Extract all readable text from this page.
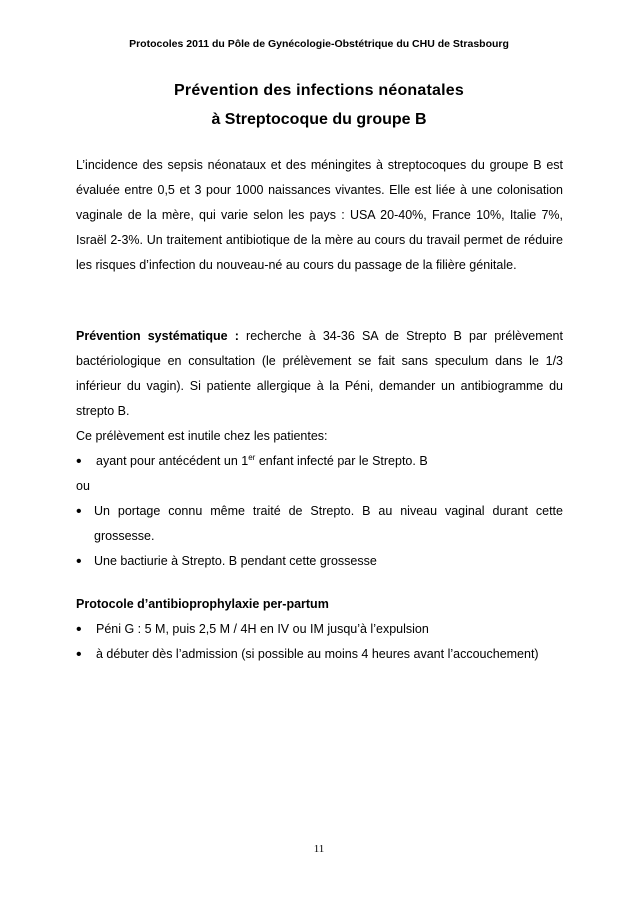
Protocoles 2011 du Pôle de Gynécologie-Obstétrique du CHU de Strasbourg
Prévention des infections néonatales
à Streptocoque du groupe B

L’incidence des sepsis néonataux et des méningites à streptocoques du groupe B est évaluée entre 0,5 et 3 pour 1000 naissances vivantes. Elle est liée à une colonisation vaginale de la mère, qui varie selon les pays : USA 20-40%, France 10%, Italie 7%, Israël 2-3%. Un traitement antibiotique de la mère au cours du travail permet de réduire les risques d’infection du nouveau-né au cours du passage de la filière génitale.

Prévention systématique : recherche à 34-36 SA de Strepto B par prélèvement bactériologique en consultation (le prélèvement se fait sans speculum dans le 1/3 inférieur du vagin). Si patiente allergique à la Péni, demander un antibiogramme du strepto B.

Ce prélèvement est inutile chez les patientes:

• ayant pour antécédent un 1er enfant infecté par le Strepto. B

ou

• Un portage connu même traité de Strepto. B au niveau vaginal durant cette grossesse.
• Une bactiurie à Strepto. B pendant cette grossesse

Protocole d’antibioprophylaxie per-partum

• Péni G : 5 M, puis 2,5 M / 4H en IV ou IM jusqu’à l’expulsion
• à débuter dès l’admission (si possible au moins 4 heures avant l’accouchement)
11
